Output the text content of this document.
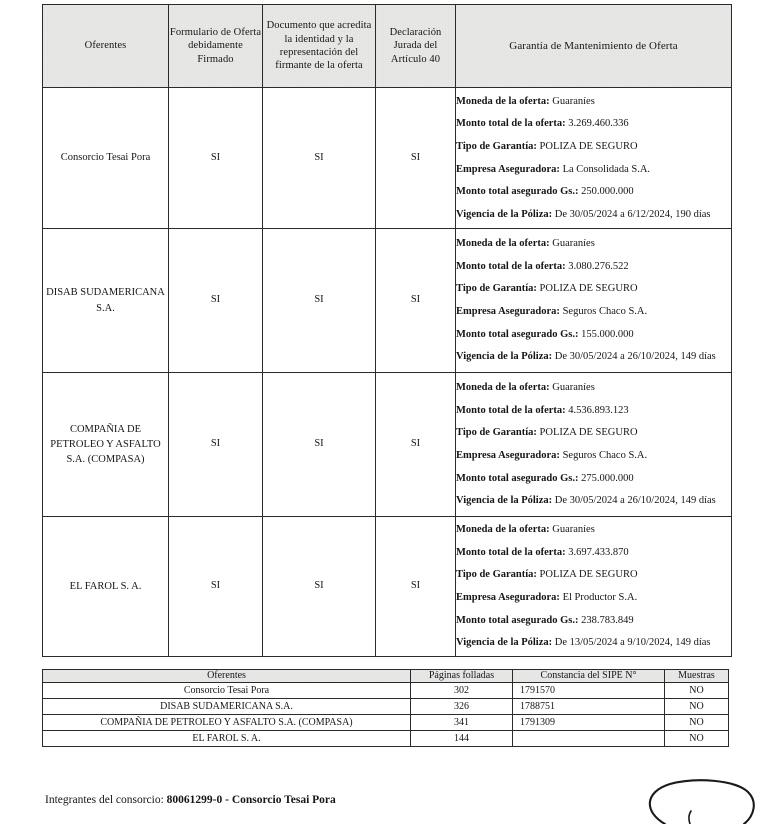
Oferentes	Formulario de Oferta debidamente Firmado	Documento que acredita la identidad y la representación del firmante de la oferta	Declaración Jurada del Artículo 40	Garantía de Mantenimiento de Oferta
Consorcio Tesai Pora	SI	SI	SI	

Moneda de la oferta: Guaraníes

Monto total de la oferta: 3.269.460.336

Tipo de Garantía: POLIZA DE SEGURO

Empresa Aseguradora: La Consolidada S.A.

Monto total asegurado Gs.: 250.000.000

Vigencia de la Póliza: De 30/05/2024 a 6/12/2024, 190 días

DISAB SUDAMERICANA S.A.	SI	SI	SI	

Moneda de la oferta: Guaraníes

Monto total de la oferta: 3.080.276.522

Tipo de Garantía: POLIZA DE SEGURO

Empresa Aseguradora: Seguros Chaco S.A.

Monto total asegurado Gs.: 155.000.000

Vigencia de la Póliza: De 30/05/2024 a 26/10/2024, 149 días

COMPAÑIA DE PETROLEO Y ASFALTO S.A. (COMPASA)	SI	SI	SI	

Moneda de la oferta: Guaraníes

Monto total de la oferta: 4.536.893.123

Tipo de Garantía: POLIZA DE SEGURO

Empresa Aseguradora: Seguros Chaco S.A.

Monto total asegurado Gs.: 275.000.000

Vigencia de la Póliza: De 30/05/2024 a 26/10/2024, 149 días

EL FAROL S. A.	SI	SI	SI	

Moneda de la oferta: Guaraníes

Monto total de la oferta: 3.697.433.870

Tipo de Garantía: POLIZA DE SEGURO

Empresa Aseguradora: El Productor S.A.

Monto total asegurado Gs.: 238.783.849

Vigencia de la Póliza: De 13/05/2024 a 9/10/2024, 149 días

Oferentes	Páginas folladas	Constancia del SIPE N°	Muestras
Consorcio Tesai Pora	302	1791570	NO
DISAB SUDAMERICANA S.A.	326	1788751	NO
COMPAÑIA DE PETROLEO Y ASFALTO S.A. (COMPASA)	341	1791309	NO
EL FAROL S. A.	144		NO
Integrantes del consorcio: 80061299-0 - Consorcio Tesai Pora
